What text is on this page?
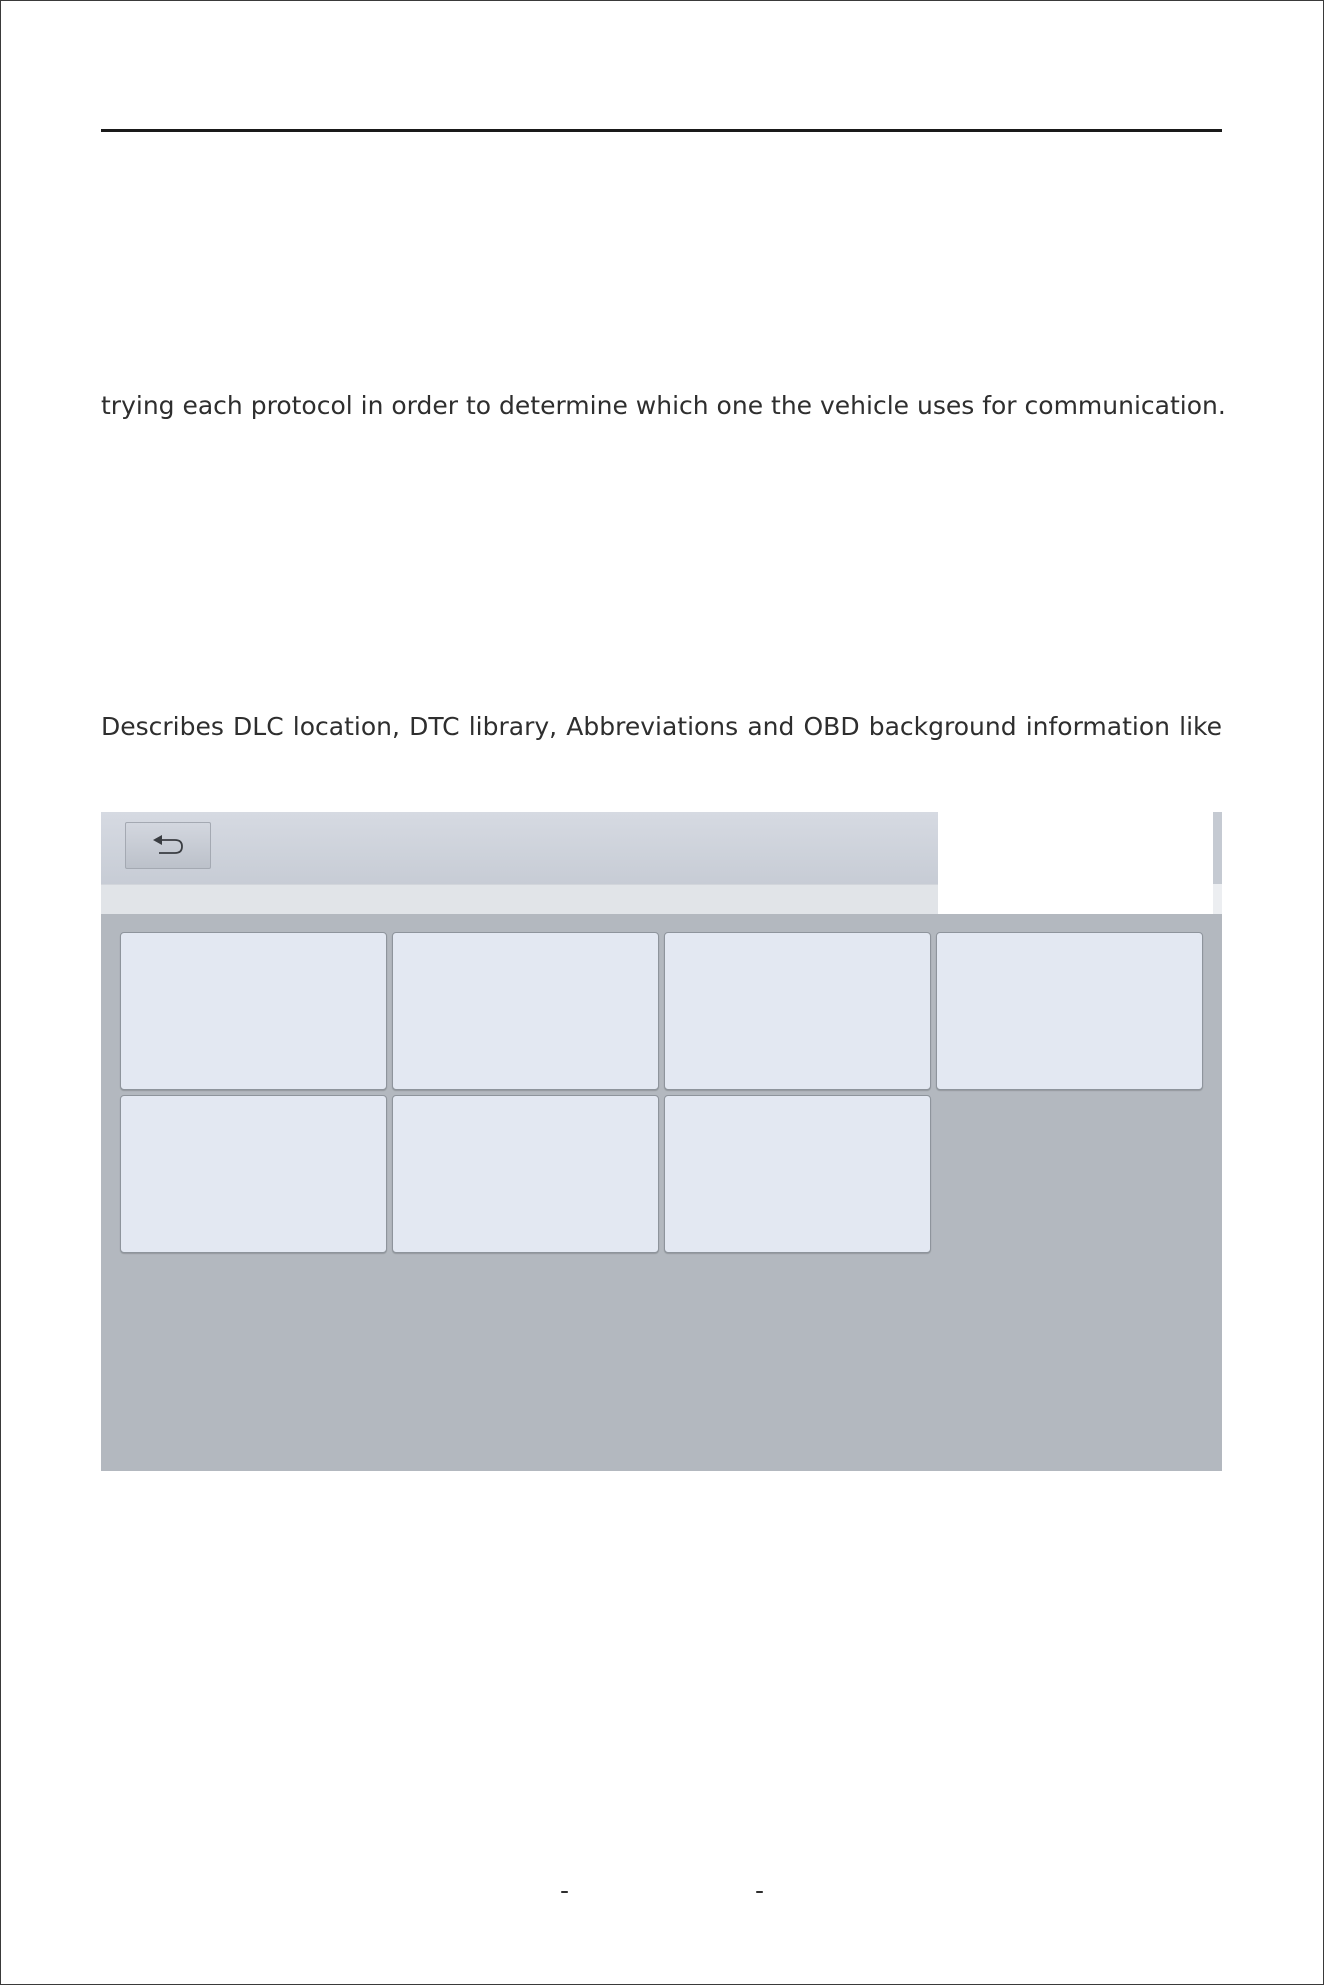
trying each protocol in order to determine which one the vehicle uses for communication.
Describes DLC location, DTC library, Abbreviations and OBD background information like
-	-
